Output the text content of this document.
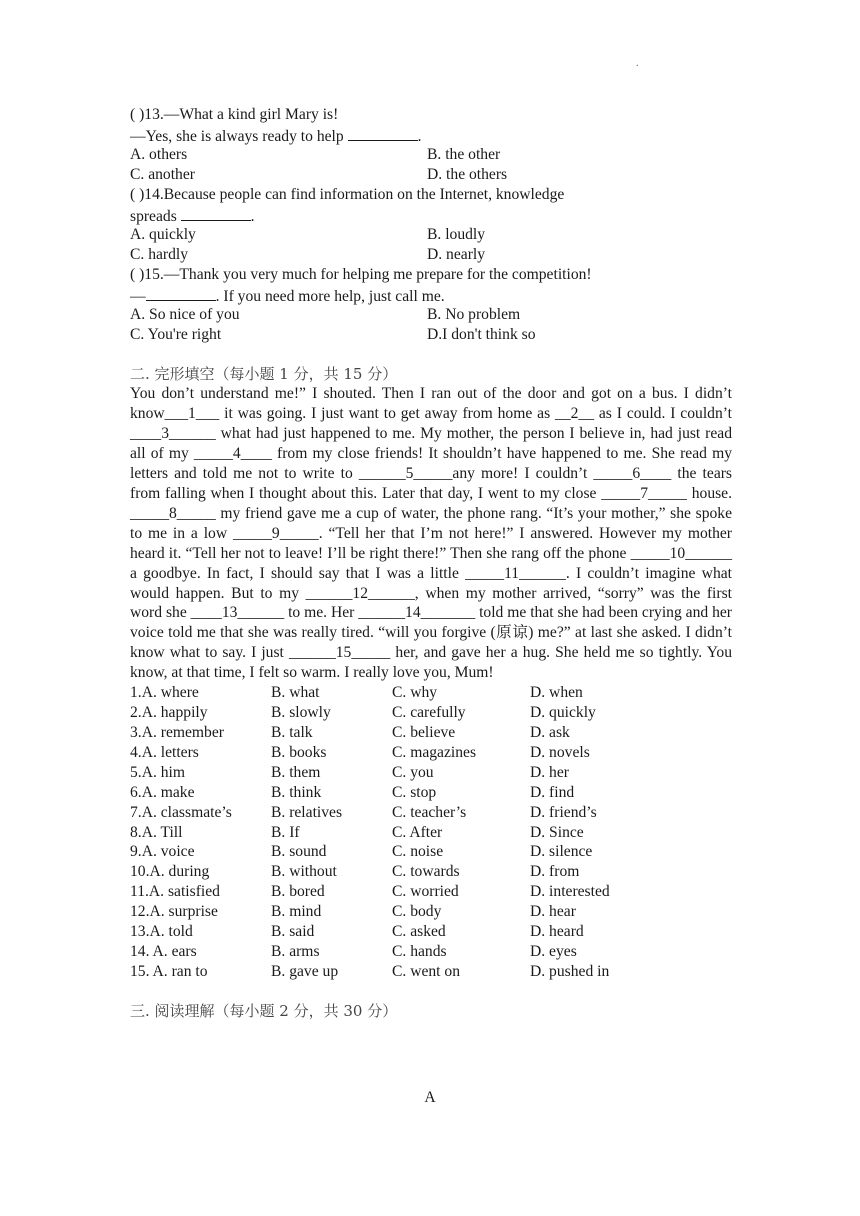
.
( )13.—What a kind girl Mary is!
—Yes, she is always ready to help	.
A. others	B. the other
C. another	D. the others
( )14.Because people can find information on the Internet, knowledge
spreads	.
A. quickly	B. loudly
C. hardly	D. nearly
( )15.—Thank you very much for helping me prepare for the competition!
—	. If you need more help, just call me.
A. So nice of you	B. No problem
C. You're right	D.I don't think so
二. 完形填空（每小题 1 分，共 15 分）
You don’t understand me!” I shouted. Then I ran out of the door and got on a bus. I didn’t know___1___ it was going. I just want to get away from home as __2__ as I could. I couldn’t ____3______ what had just happened to me. My mother, the person I believe in, had just read all of my _____4____ from my close friends! It shouldn’t have happened to me. She read my letters and told me not to write to ______5_____any more! I couldn’t _____6____ the tears from falling when I thought about this. Later that day, I went to my close _____7_____ house. _____8_____ my friend gave me a cup of water, the phone rang. “It’s your mother,” she spoke to me in a low _____9_____. “Tell her that I’m not here!” I answered. However my mother heard it. “Tell her not to leave! I’ll be right there!” Then she rang off the phone _____10______ a goodbye. In fact, I should say that I was a little _____11______. I couldn’t imagine what would happen. But to my ______12______, when my mother arrived, “sorry” was the first word she ____13______ to me. Her ______14_______ told me that she had been crying and her voice told me that she was really tired. “will you forgive (原谅) me?” at last she asked. I didn’t know what to say. I just ______15_____ her, and gave her a hug. She held me so tightly. You know, at that time, I felt so warm. I really love you, Mum!
1.A. where	B. what	C. why	D. when
2.A. happily	B. slowly	C. carefully	D. quickly
3.A. remember	B. talk	C. believe	D. ask
4.A. letters	B. books	C. magazines	D. novels
5.A. him	B. them	C. you	D. her
6.A. make	B. think	C. stop	D. find
7.A. classmate’s	B. relatives	C. teacher’s	D. friend’s
8.A. Till	B. If	C. After	D. Since
9.A. voice	B. sound	C. noise	D. silence
10.A. during	B. without	C. towards	D. from
11.A. satisfied	B. bored	C. worried	D. interested
12.A. surprise	B. mind	C. body	D. hear
13.A. told	B. said	C. asked	D. heard
14. A. ears	B. arms	C. hands	D. eyes
15. A. ran to	B. gave up	C. went on	D. pushed in
三. 阅读理解（每小题 2 分，共 30 分）
A
